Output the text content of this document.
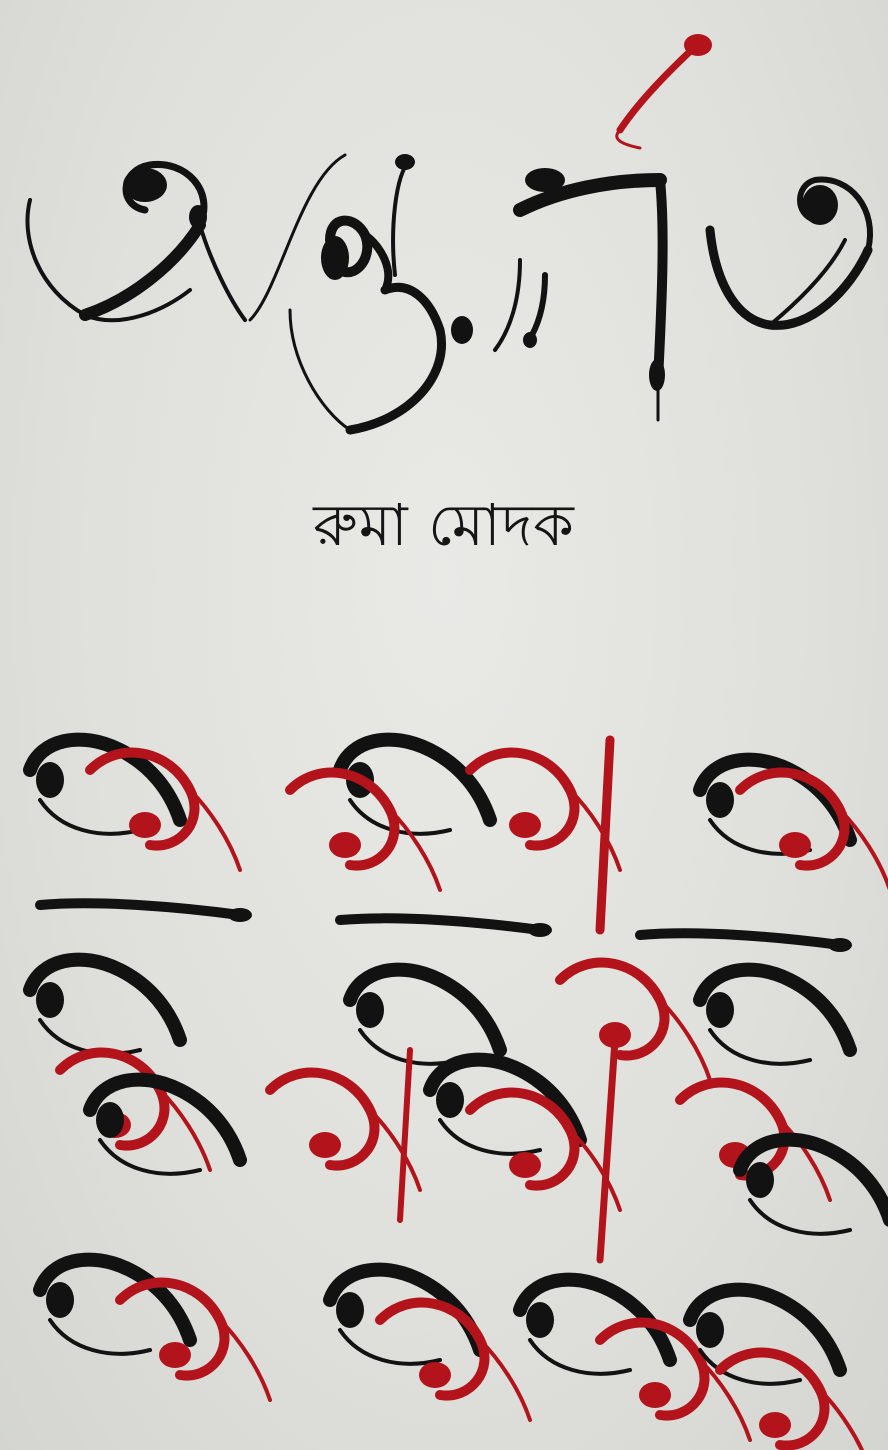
রুমা মোদক
